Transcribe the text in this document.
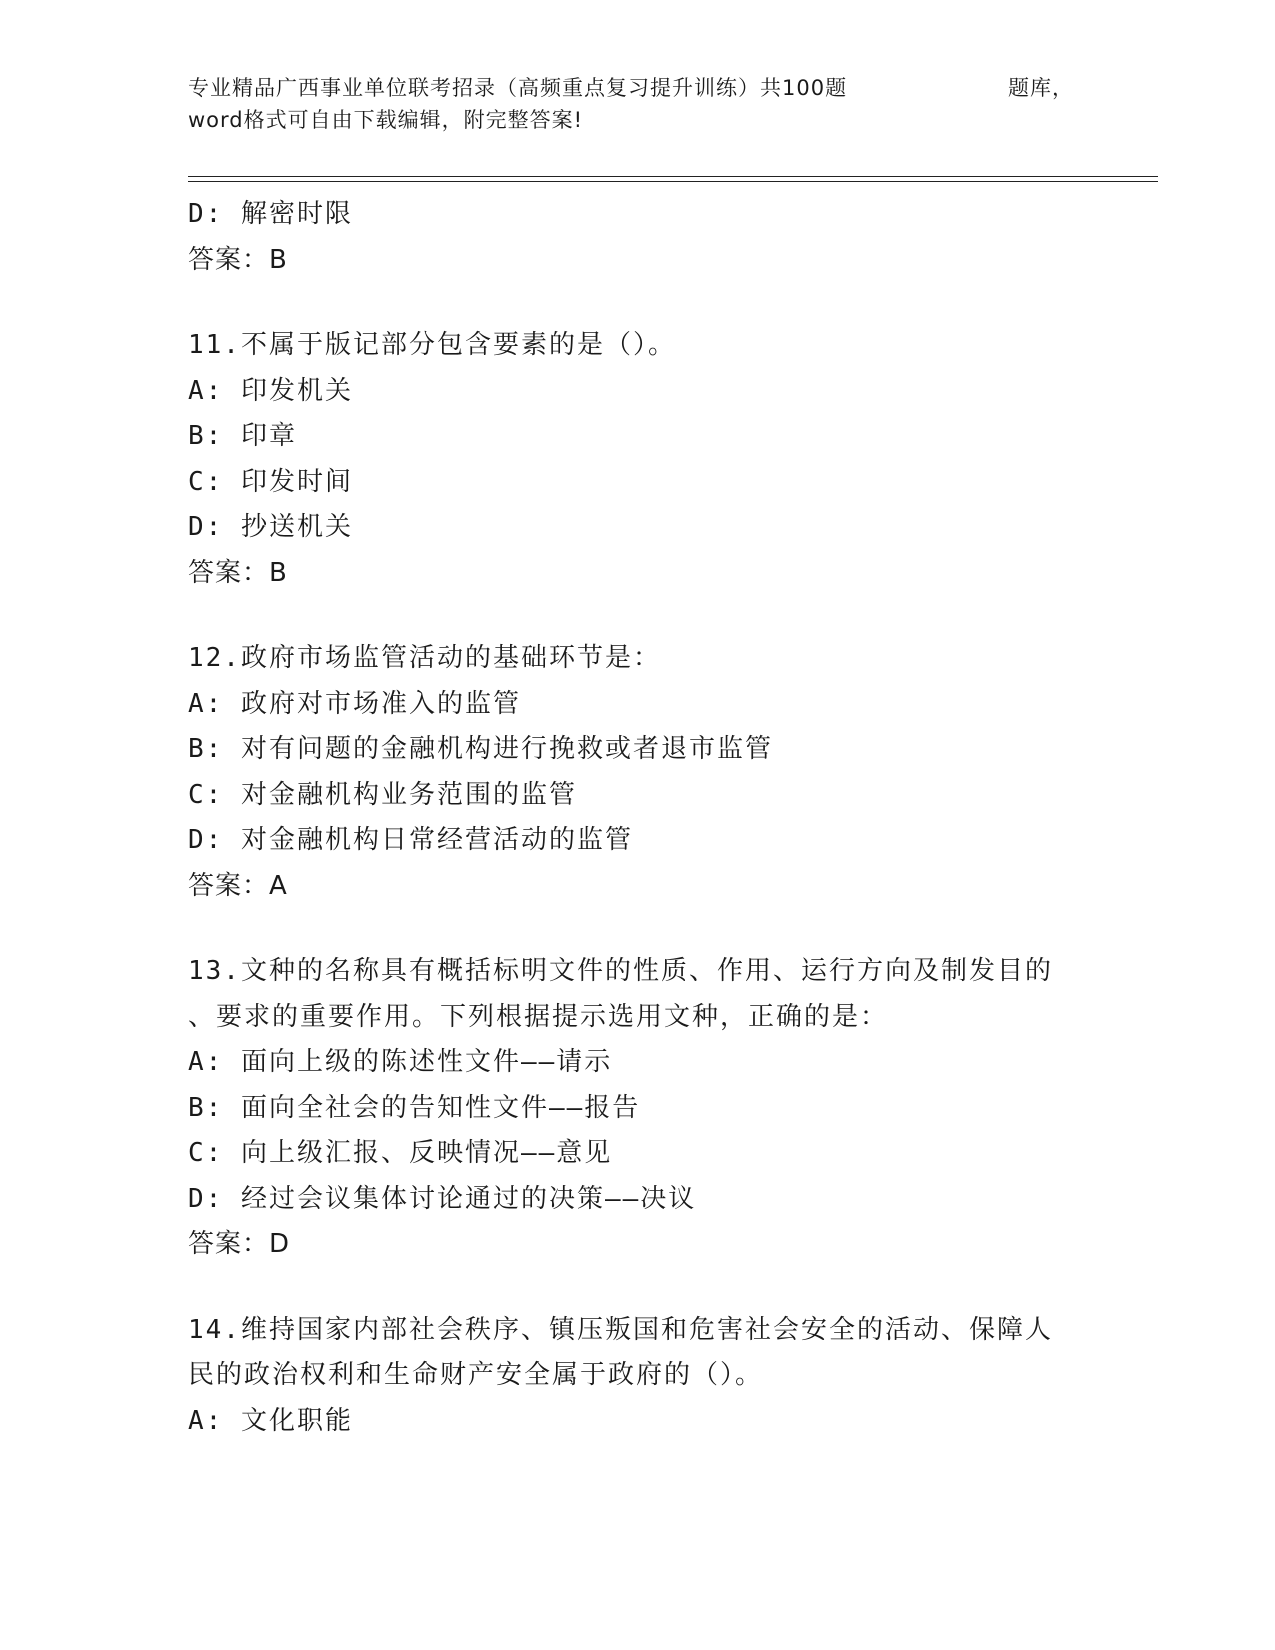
专业精品广西事业单位联考招录（高频重点复习提升训练）共100题	题库，
word格式可自由下载编辑，附完整答案!
D: 解密时限
答案：B
11.不属于版记部分包含要素的是（）。
A: 印发机关
B: 印章
C: 印发时间
D: 抄送机关
答案：B
12.政府市场监管活动的基础环节是：
A: 政府对市场准入的监管
B: 对有问题的金融机构进行挽救或者退市监管
C: 对金融机构业务范围的监管
D: 对金融机构日常经营活动的监管
答案：A
13.文种的名称具有概括标明文件的性质、作用、运行方向及制发目的
、要求的重要作用。下列根据提示选用文种，正确的是：
A: 面向上级的陈述性文件——请示
B: 面向全社会的告知性文件——报告
C: 向上级汇报、反映情况——意见
D: 经过会议集体讨论通过的决策——决议
答案：D
14.维持国家内部社会秩序、镇压叛国和危害社会安全的活动、保障人
民的政治权利和生命财产安全属于政府的（）。
A: 文化职能
